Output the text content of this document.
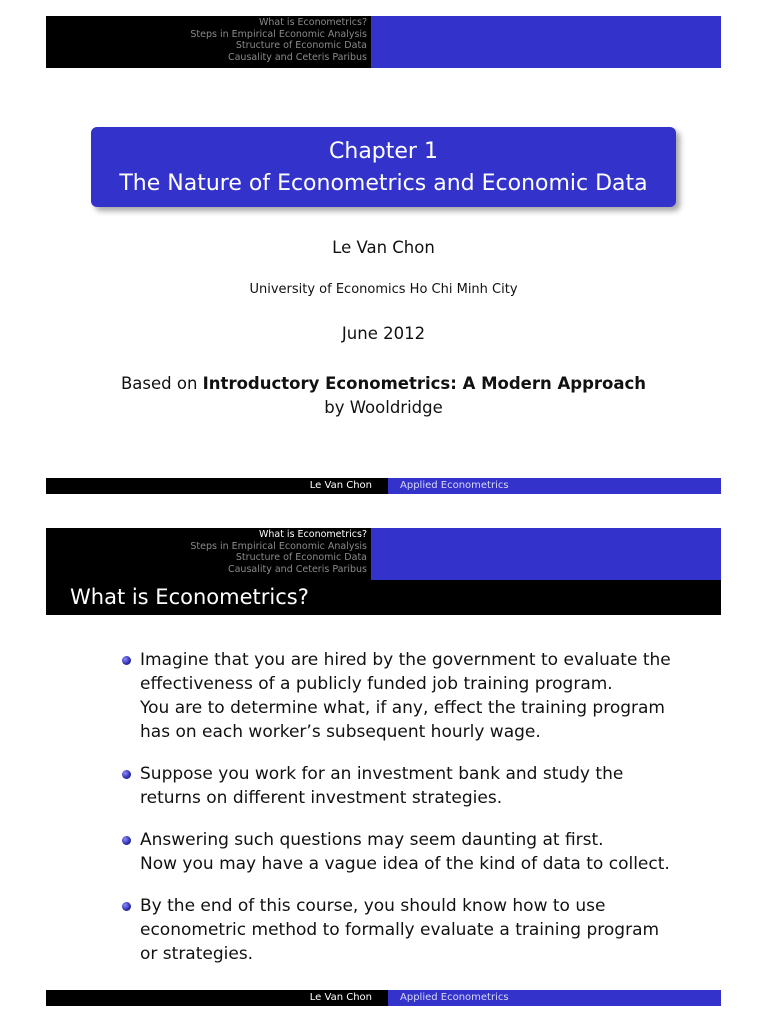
What is Econometrics?
Steps in Empirical Economic Analysis
Structure of Economic Data
Causality and Ceteris Paribus
Chapter 1
The Nature of Econometrics and Economic Data
Le Van Chon
University of Economics Ho Chi Minh City
June 2012
Based on Introductory Econometrics: A Modern Approach
by Wooldridge
Le Van Chon	Applied Econometrics
What is Econometrics?
Steps in Empirical Economic Analysis
Structure of Economic Data
Causality and Ceteris Paribus
What is Econometrics?
Imagine that you are hired by the government to evaluate the
effectiveness of a publicly funded job training program.
You are to determine what, if any, effect the training program
has on each worker’s subsequent hourly wage.
Suppose you work for an investment bank and study the
returns on different investment strategies.
Answering such questions may seem daunting at first.
Now you may have a vague idea of the kind of data to collect.
By the end of this course, you should know how to use
econometric method to formally evaluate a training program
or strategies.
Le Van Chon	Applied Econometrics
